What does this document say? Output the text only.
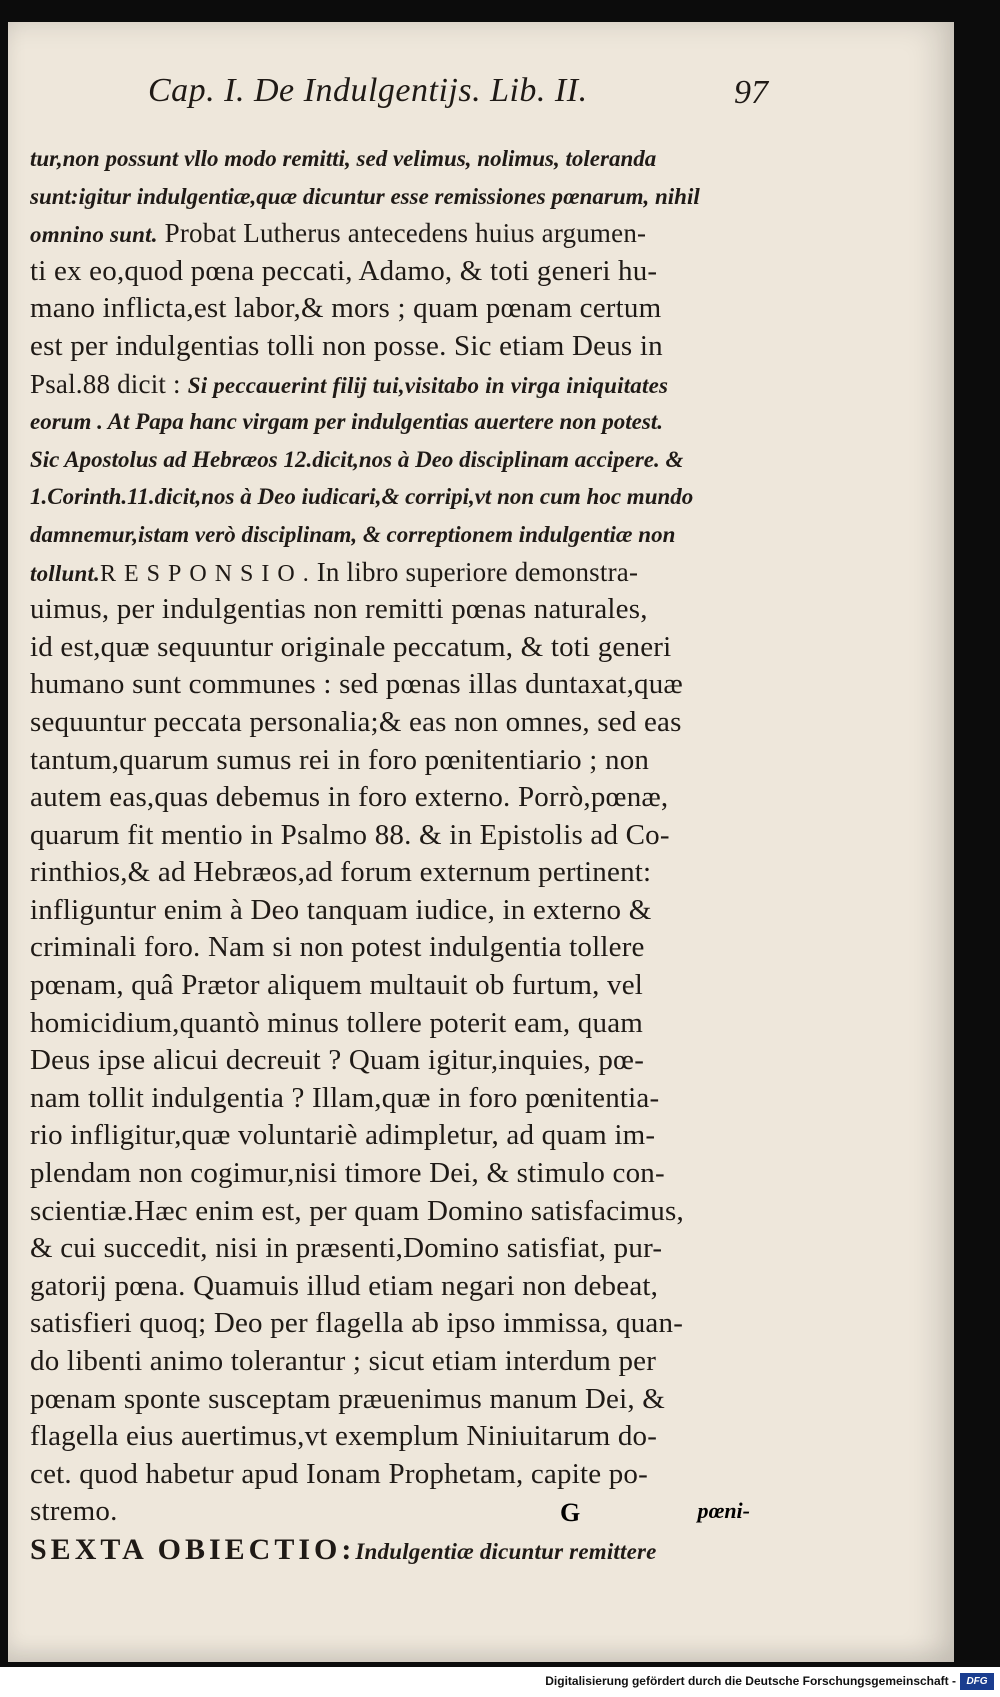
Cap. I. De Indulgentijs. Lib. II.	97
tur,non possunt vllo modo remitti, sed velimus, nolimus, toleranda
sunt:igitur indulgentiæ,quæ dicuntur esse remissiones pœnarum, nihil
omnino sunt. Probat Lutherus antecedens huius argumen-
ti ex eo,quod pœna peccati, Adamo, & toti generi hu-
mano inflicta,est labor,& mors ; quam pœnam certum
est per indulgentias tolli non posse. Sic etiam Deus in
Psal.88 dicit : Si peccauerint filij tui,visitabo in virga iniquitates
eorum . At Papa hanc virgam per indulgentias auertere non potest.
Sic Apostolus ad Hebræos 12.dicit,nos à Deo disciplinam accipere. &
1.Corinth.11.dicit,nos à Deo iudicari,& corripi,vt non cum hoc mundo
damnemur,istam verò disciplinam, & correptionem indulgentiæ non
tollunt.RESPONSIO.In libro superiore demonstra-
uimus, per indulgentias non remitti pœnas naturales,
id est,quæ sequuntur originale peccatum, & toti generi
humano sunt communes : sed pœnas illas duntaxat,quæ
sequuntur peccata personalia;& eas non omnes, sed eas
tantum,quarum sumus rei in foro pœnitentiario ; non
autem eas,quas debemus in foro externo. Porrò,pœnæ,
quarum fit mentio in Psalmo 88. & in Epistolis ad Co-
rinthios,& ad Hebræos,ad forum externum pertinent:
infliguntur enim à Deo tanquam iudice, in externo &
criminali foro. Nam si non potest indulgentia tollere
pœnam, quâ Prætor aliquem multauit ob furtum, vel
homicidium,quantò minus tollere poterit eam, quam
Deus ipse alicui decreuit ? Quam igitur,inquies, pœ-
nam tollit indulgentia ? Illam,quæ in foro pœnitentia-
rio infligitur,quæ voluntariè adimpletur, ad quam im-
plendam non cogimur,nisi timore Dei, & stimulo con-
scientiæ.Hæc enim est, per quam Domino satisfacimus,
& cui succedit, nisi in præsenti,Domino satisfiat, pur-
gatorij pœna. Quamuis illud etiam negari non debeat,
satisfieri quoq; Deo per flagella ab ipso immissa, quan-
do libenti animo tolerantur ; sicut etiam interdum per
pœnam sponte susceptam præuenimus manum Dei, &
flagella eius auertimus,vt exemplum Niniuitarum do-
cet. quod habetur apud Ionam Prophetam, capite po-
stremo.
SEXTA OBIECTIO:Indulgentiæ dicuntur remittere
G	pœni-
Digitalisierung gefördert durch die Deutsche Forschungsgemeinschaft -	DFG
